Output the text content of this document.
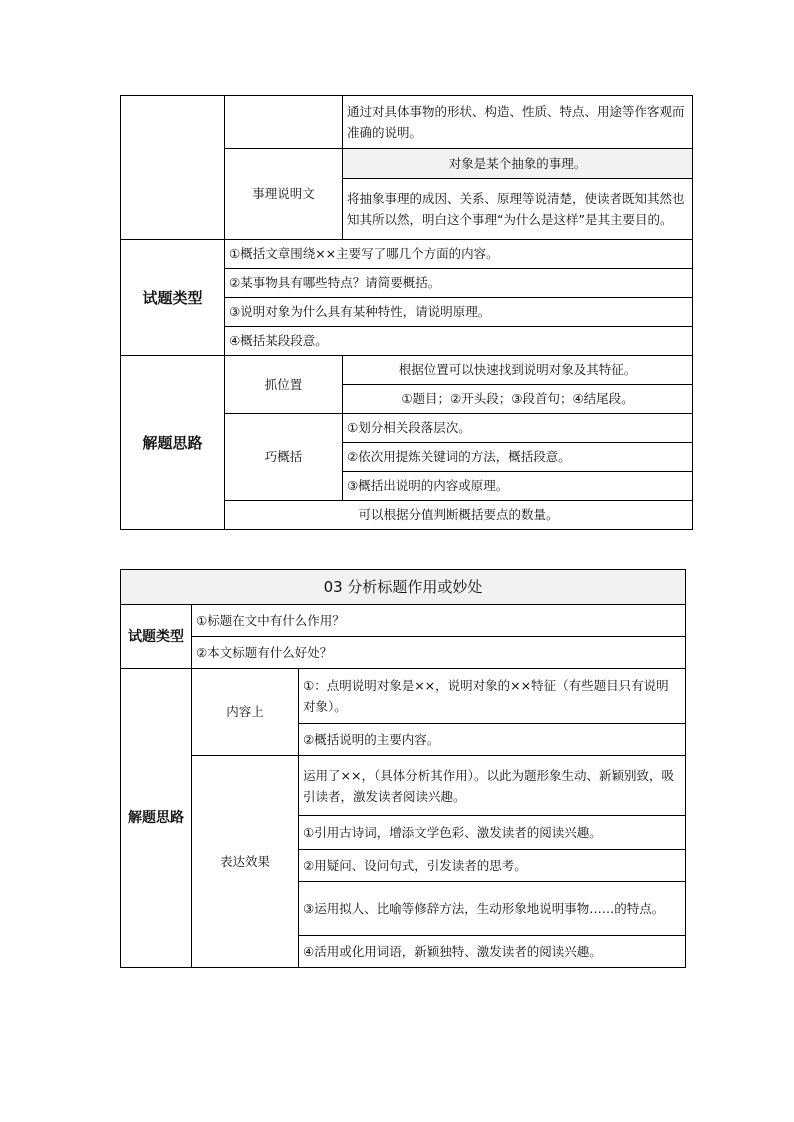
		通过对具体事物的形状、构造、性质、特点、用途等作客观而准确的说明。
	事理说明文	对象是某个抽象的事理。
		将抽象事理的成因、关系、原理等说清楚，使读者既知其然也知其所以然，明白这个事理“为什么是这样”是其主要目的。
试题类型	①概括文章围绕××主要写了哪几个方面的内容。	
	②某事物具有哪些特点？请简要概括。	
	③说明对象为什么具有某种特性，请说明原理。	
	④概括某段段意。	
解题思路	抓位置	根据位置可以快速找到说明对象及其特征。
		①题目；②开头段；③段首句；④结尾段。
	巧概括	①划分相关段落层次。
		②依次用提炼关键词的方法，概括段意。
		③概括出说明的内容或原理。
	可以根据分值判断概括要点的数量。	
03 分析标题作用或妙处		
试题类型	①标题在文中有什么作用？	
	②本文标题有什么好处？	
解题思路	内容上	①：点明说明对象是××，说明对象的××特征（有些题目只有说明对象）。
		②概括说明的主要内容。
	表达效果	运用了××，（具体分析其作用）。以此为题形象生动、新颖别致，吸引读者，激发读者阅读兴趣。
		①引用古诗词，增添文学色彩、激发读者的阅读兴趣。
		②用疑问、设问句式，引发读者的思考。
		③运用拟人、比喻等修辞方法，生动形象地说明事物……的特点。
		④活用或化用词语，新颖独特、激发读者的阅读兴趣。
